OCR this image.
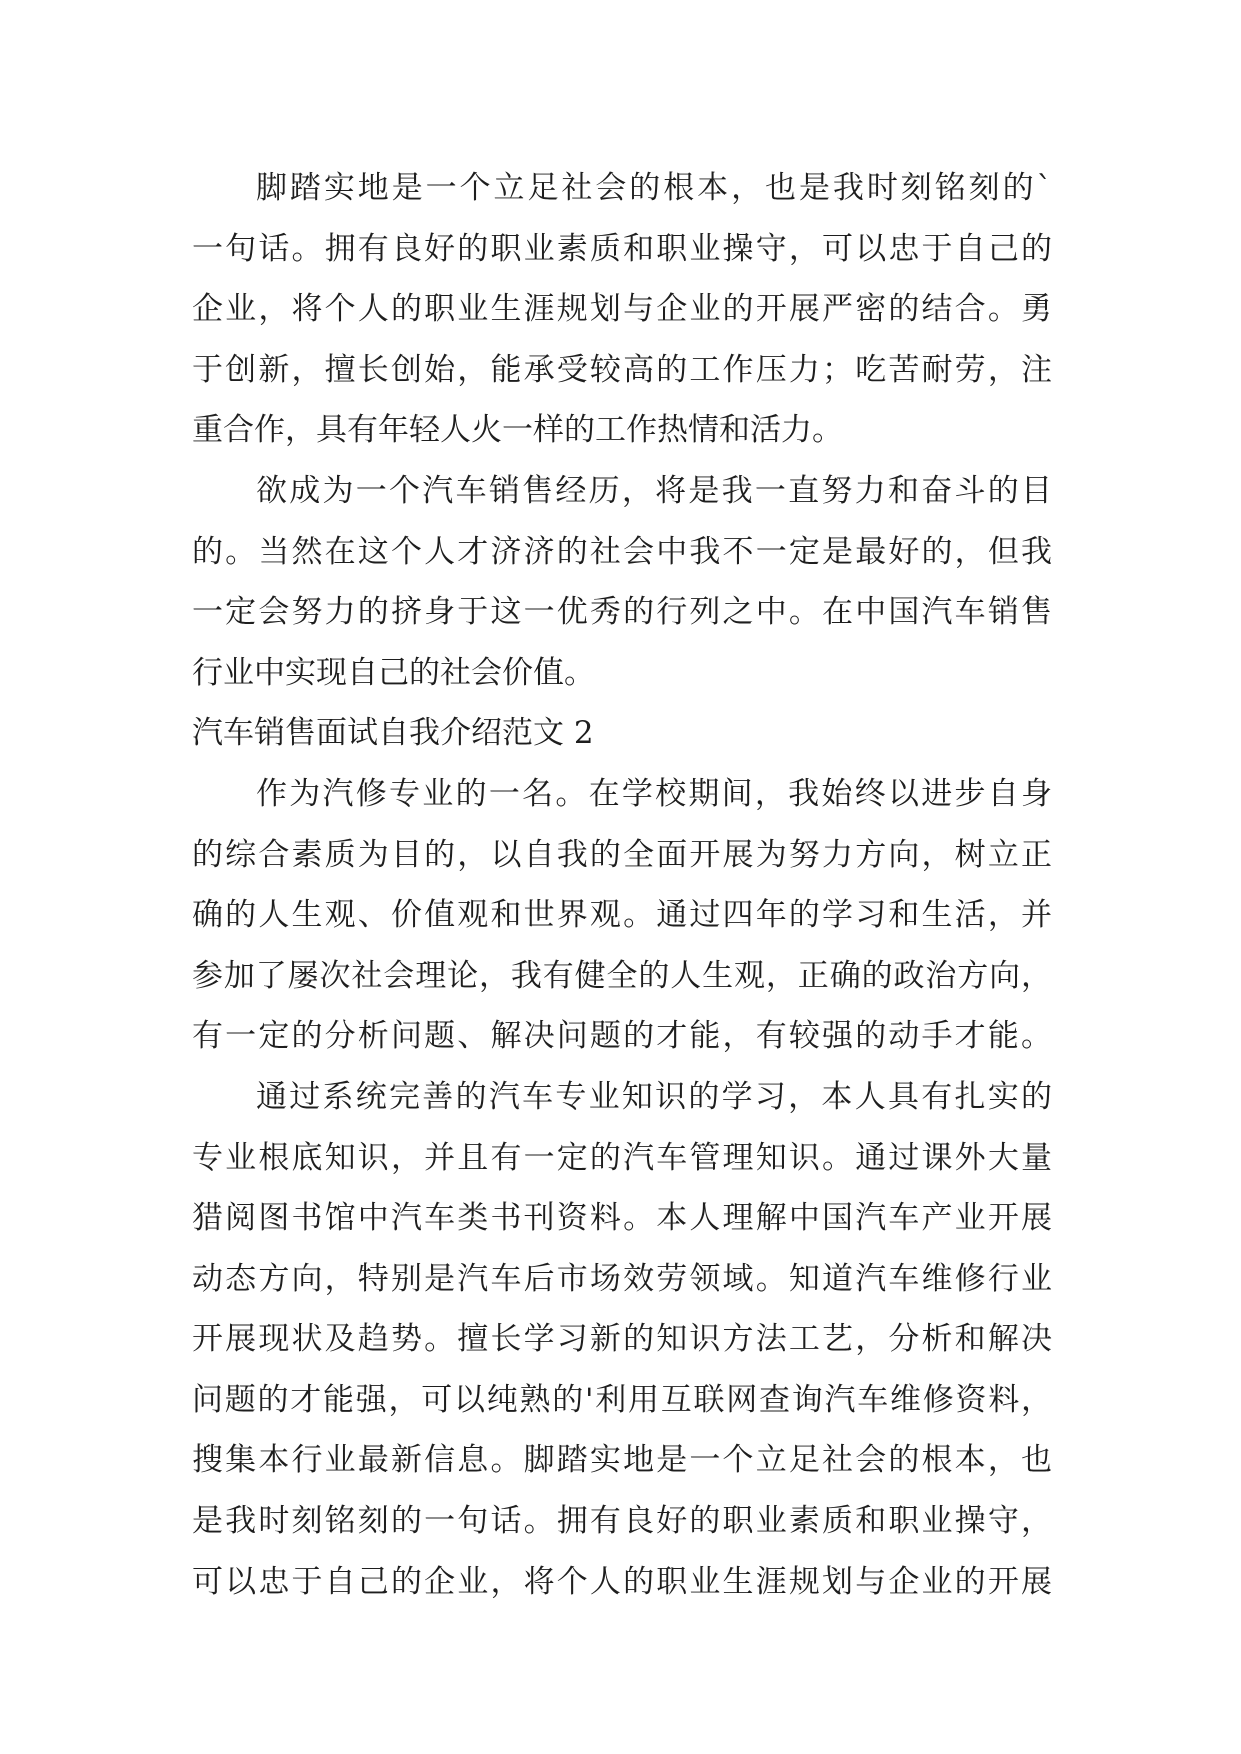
脚踏实地是一个立足社会的根本，也是我时刻铭刻的`
一句话。拥有良好的职业素质和职业操守，可以忠于自己的
企业，将个人的职业生涯规划与企业的开展严密的结合。勇
于创新，擅长创始，能承受较高的工作压力；吃苦耐劳，注
重合作，具有年轻人火一样的工作热情和活力。
欲成为一个汽车销售经历，将是我一直努力和奋斗的目
的。当然在这个人才济济的社会中我不一定是最好的，但我
一定会努力的挤身于这一优秀的行列之中。在中国汽车销售
行业中实现自己的社会价值。
汽车销售面试自我介绍范文 2
作为汽修专业的一名。在学校期间，我始终以进步自身
的综合素质为目的，以自我的全面开展为努力方向，树立正
确的人生观、价值观和世界观。通过四年的学习和生活，并
参加了屡次社会理论，我有健全的人生观，正确的政治方向，
有一定的分析问题、解决问题的才能，有较强的动手才能。
通过系统完善的汽车专业知识的学习，本人具有扎实的
专业根底知识，并且有一定的汽车管理知识。通过课外大量
猎阅图书馆中汽车类书刊资料。本人理解中国汽车产业开展
动态方向，特别是汽车后市场效劳领域。知道汽车维修行业
开展现状及趋势。擅长学习新的知识方法工艺，分析和解决
问题的才能强，可以纯熟的'利用互联网查询汽车维修资料，
搜集本行业最新信息。脚踏实地是一个立足社会的根本，也
是我时刻铭刻的一句话。拥有良好的职业素质和职业操守，
可以忠于自己的企业，将个人的职业生涯规划与企业的开展
